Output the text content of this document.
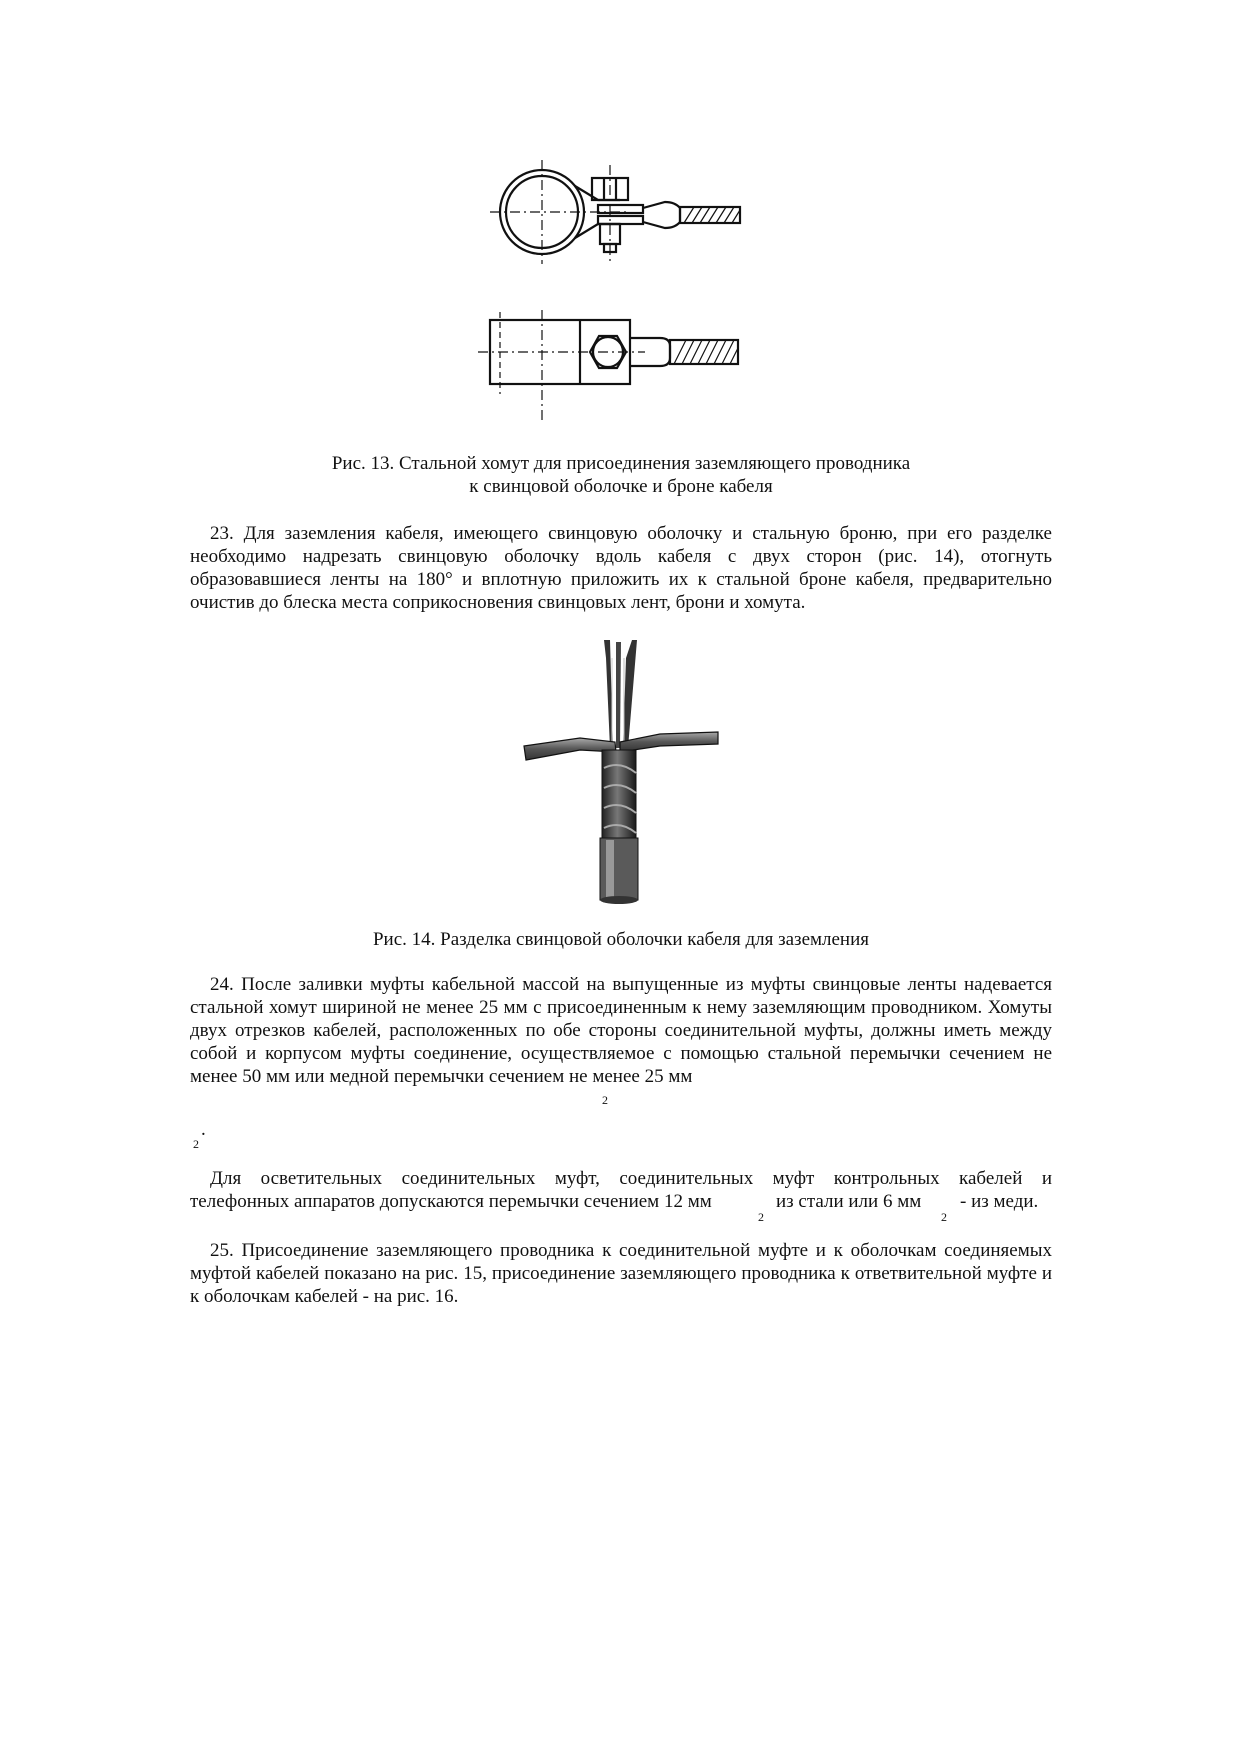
Рис. 13. Стальной хомут для присоединения заземляющего проводника
к свинцовой оболочке и броне кабеля

23. Для заземления кабеля, имеющего свинцовую оболочку и стальную броню, при его разделке необходимо надрезать свинцовую оболочку вдоль кабеля с двух сторон (рис. 14), отогнуть образовавшиеся ленты на 180° и вплотную приложить их к стальной броне кабеля, предварительно очистив до блеска места соприкосновения свинцовых лент, брони и хомута.

Рис. 14. Разделка свинцовой оболочки кабеля для заземления

24. После заливки муфты кабельной массой на выпущенные из муфты свинцовые ленты надевается стальной хомут шириной не менее 25 мм с присоединенным к нему заземляющим проводником. Хомуты двух отрезков кабелей, расположенных по обе стороны соединительной муфты, должны иметь между собой и корпусом муфты соединение, осуществляемое с помощью стальной перемычки сечением не менее 50 мм или медной перемычки сечением не менее 25 мм

2
.
2
Для осветительных соединительных муфт, соединительных муфт контрольных кабелей и
телефонных аппаратов допускаются перемычки сечением 12 мм
2
из стали или 6 мм
2
- из меди.

25. Присоединение заземляющего проводника к соединительной муфте и к оболочкам соединяемых муфтой кабелей показано на рис. 15, присоединение заземляющего проводника к ответвительной муфте и к оболочкам кабелей - на рис. 16.
